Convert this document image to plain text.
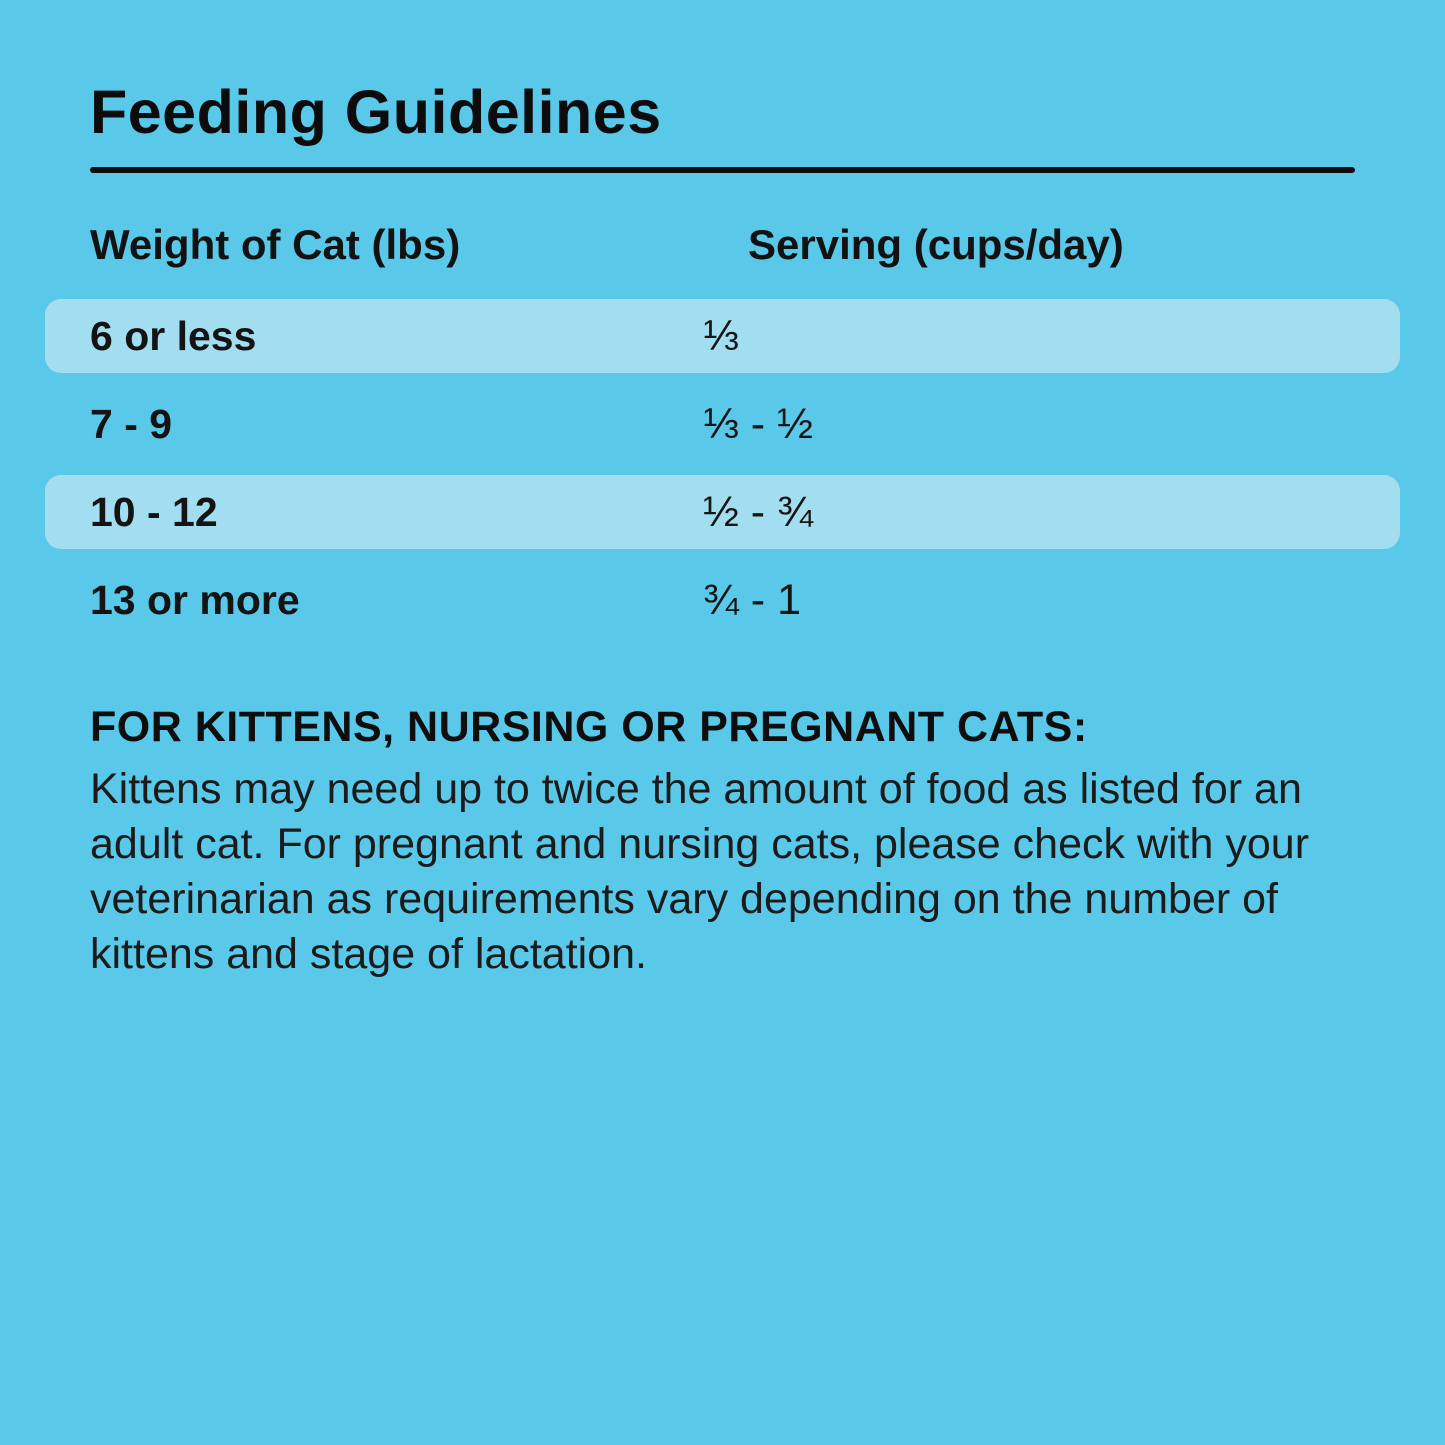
Feeding Guidelines
Weight of Cat (lbs)	Serving (cups/day)
6 or less	⅓
7 - 9	⅓ - ½
10 - 12	½ - ¾
13 or more	¾ - 1

FOR KITTENS, NURSING OR PREGNANT CATS:

Kittens may need up to twice the amount of food as listed for an adult cat. For pregnant and nursing cats, please check with your veterinarian as requirements vary depending on the number of kittens and stage of lactation.
